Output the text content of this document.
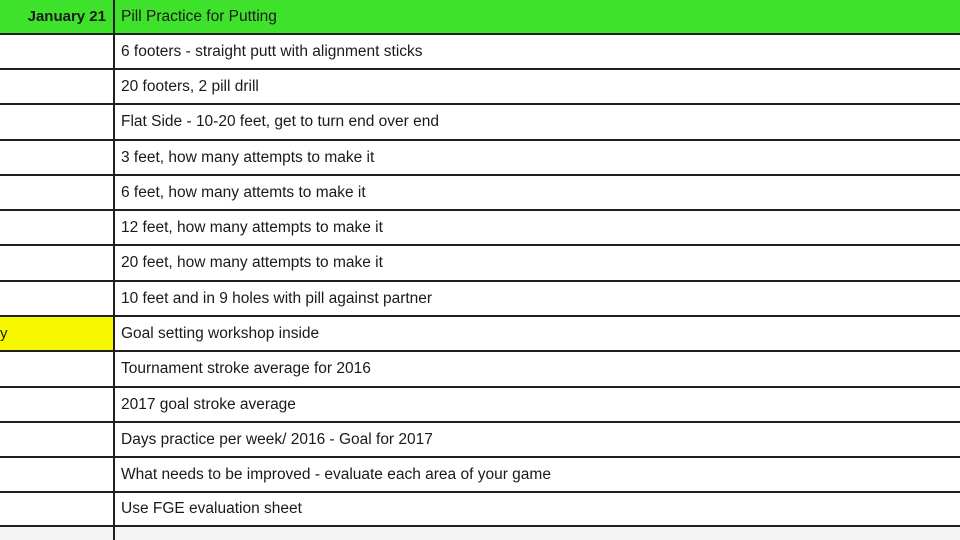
January 21 Pill Practice for Putting
6 footers - straight putt with alignment sticks
20 footers, 2 pill drill
Flat Side - 10-20 feet, get to turn end over end
3 feet, how many attempts to make it
6 feet, how many attemts to make it
12 feet, how many attempts to make it
20 feet, how many attempts to make it
10 feet and in 9 holes with pill against partner
y	Goal setting workshop inside
Tournament stroke average for 2016
2017 goal stroke average
Days practice per week/ 2016 - Goal for 2017
What needs to be improved - evaluate each area of your game
Use FGE evaluation sheet
